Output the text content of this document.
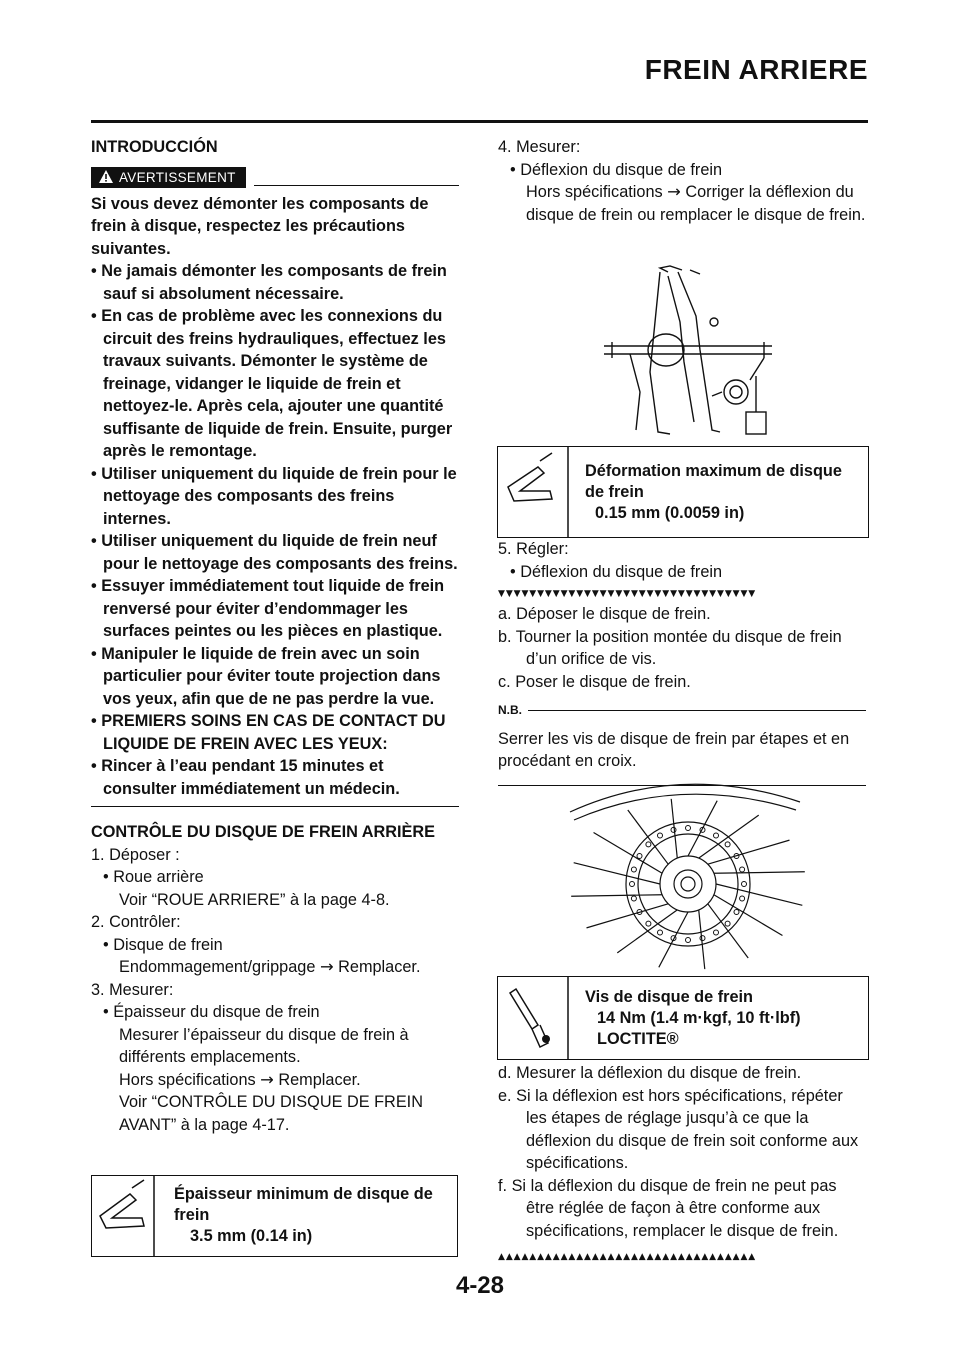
FREIN ARRIERE

INTRODUCCIÓN

AVERTISSEMENT

Si vous devez démonter les composants de frein à disque, respectez les précautions suivantes.

• Ne jamais démonter les composants de frein sauf si absolument nécessaire.

• En cas de problème avec les connexions du circuit des freins hydrauliques, effectuez les travaux suivants. Démonter le système de freinage, vidanger le liquide de frein et nettoyez-le. Après cela, ajouter une quantité suffisante de liquide de frein. Ensuite, purger après le remontage.

• Utiliser uniquement du liquide de frein pour le nettoyage des composants des freins internes.

• Utiliser uniquement du liquide de frein neuf pour le nettoyage des composants des freins.

• Essuyer immédiatement tout liquide de frein renversé pour éviter d’endommager les surfaces peintes ou les pièces en plastique.

• Manipuler le liquide de frein avec un soin particulier pour éviter toute projection dans vos yeux, afin que de ne pas perdre la vue.

• PREMIERS SOINS EN CAS DE CONTACT DU LIQUIDE DE FREIN AVEC LES YEUX:

• Rincer à l’eau pendant 15 minutes et consulter immédiatement un médecin.

CONTRÔLE DU DISQUE DE FREIN ARRIÈRE

1. Déposer :

• Roue arrière

Voir “ROUE ARRIERE” à la page 4-8.

2. Contrôler:

• Disque de frein

Endommagement/grippage → Remplacer.

3. Mesurer:

• Épaisseur du disque de frein

Mesurer l’épaisseur du disque de frein à différents emplacements.

Hors spécifications → Remplacer.

Voir “CONTRÔLE DU DISQUE DE FREIN AVANT” à la page 4-17.

Épaisseur minimum de disque de frein
3.5 mm (0.14 in)

4. Mesurer:

• Déflexion du disque de frein

Hors spécifications → Corriger la déflexion du disque de frein ou remplacer le disque de frein.

Déformation maximum de disque de frein
0.15 mm (0.0059 in)

5. Régler:

• Déflexion du disque de frein

▼▼▼▼▼▼▼▼▼▼▼▼▼▼▼▼▼▼▼▼▼▼▼▼▼▼▼▼▼▼▼▼▼

a. Déposer le disque de frein.

b. Tourner la position montée du disque de frein d’un orifice de vis.

c. Poser le disque de frein.

N.B.

Serrer les vis de disque de frein par étapes et en procédant en croix.

Vis de disque de frein
14 Nm (1.4 m·kgf, 10 ft·lbf)
LOCTITE®

d. Mesurer la déflexion du disque de frein.

e. Si la déflexion est hors spécifications, répéter les étapes de réglage jusqu’à ce que la déflexion du disque de frein soit conforme aux spécifications.

f. Si la déflexion du disque de frein ne peut pas être réglée de façon à être conforme aux spécifications, remplacer le disque de frein.

▲▲▲▲▲▲▲▲▲▲▲▲▲▲▲▲▲▲▲▲▲▲▲▲▲▲▲▲▲▲▲▲▲
4-28
